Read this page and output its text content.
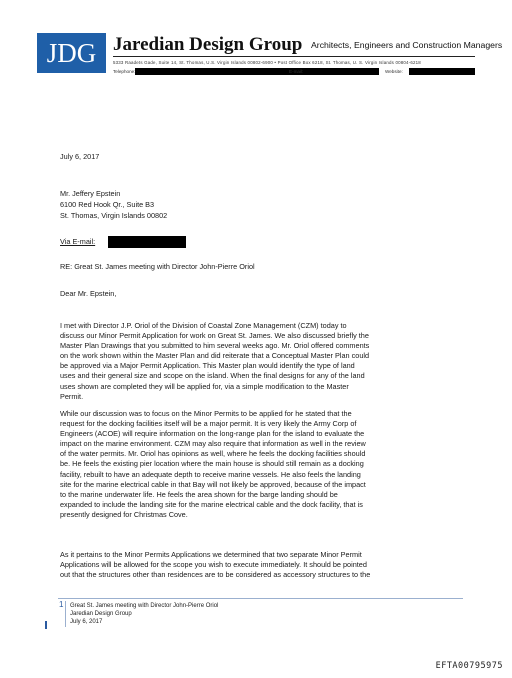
JDG Jaredian Design Group Architects, Engineers and Construction Managers
5333 Raadets Gade, Suite 14, St. Thomas, U.S. Virgin Islands 00802-6900 • Post Office Box 6218, St. Thomas, U. S. Virgin Islands 00804-6218
Telephone:	E-mail:	Website:
July 6, 2017
Mr. Jeffery Epstein
6100 Red Hook Qr., Suite B3
St. Thomas, Virgin Islands 00802
Via E-mail:
RE: Great St. James meeting with Director John-Pierre Oriol
Dear Mr. Epstein,
I met with Director J.P. Oriol of the Division of Coastal Zone Management (CZM) today to
discuss our Minor Permit Application for work on Great St. James. We also discussed briefly the
Master Plan Drawings that you submitted to him several weeks ago. Mr. Oriol offered comments
on the work shown within the Master Plan and did reiterate that a Conceptual Master Plan could
be approved via a Major Permit Application. This Master plan would identify the type of land
uses and their general size and scope on the island. When the final designs for any of the land
uses shown are completed they will be applied for, via a simple modification to the Master
Permit.
While our discussion was to focus on the Minor Permits to be applied for he stated that the
request for the docking facilities itself will be a major permit. It is very likely the Army Corp of
Engineers (ACOE) will require information on the long-range plan for the island to evaluate the
impact on the marine environment. CZM may also require that information as well in the review
of the water permits. Mr. Oriol has opinions as well, where he feels the docking facilities should
be. He feels the existing pier location where the main house is should still remain as a docking
facility, rebuilt to have an adequate depth to receive marine vessels. He also feels the landing
site for the marine electrical cable in that Bay will not likely be approved, because of the impact
to the marine underwater life. He feels the area shown for the barge landing should be
expanded to include the landing site for the marine electrical cable and the dock facility, that is
presently designed for Christmas Cove.
As it pertains to the Minor Permits Applications we determined that two separate Minor Permit
Applications will be allowed for the scope you wish to execute immediately. It should be pointed
out that the structures other than residences are to be considered as accessory structures to the
1 Great St. James meeting with Director John-Pierre Oriol
Jaredian Design Group
July 6, 2017
EFTA00795975
